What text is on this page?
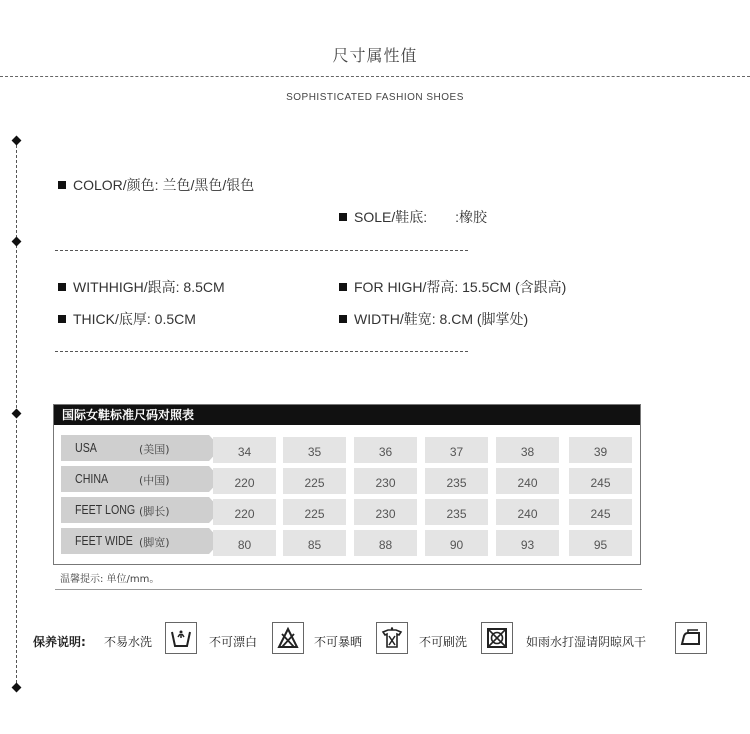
尺寸属性值
SOPHISTICATED FASHION SHOES
COLOR/颜色: 兰色/黑色/银色
SOLE/鞋底: :橡胶
WITHHIGH/跟高: 8.5CM	FOR HIGH/帮高: 15.5CM (含跟高)
THICK/底厚: 0.5CM	WIDTH/鞋宽: 8.CM (脚掌处)
国际女鞋标准尺码对照表
USA	(美国)	34	35	36	37	38	39
CHINA	(中国)	220	225	230	235	240	245
FEET LONG (脚长)	220	225	230	235	240	245
FEET WIDE (脚宽)	80	85	88	90	93	95
温馨提示: 单位/mm。
保养说明: 不易水洗	不可漂白	不可暴晒	不可刷洗	如雨水打湿请阴晾风干
